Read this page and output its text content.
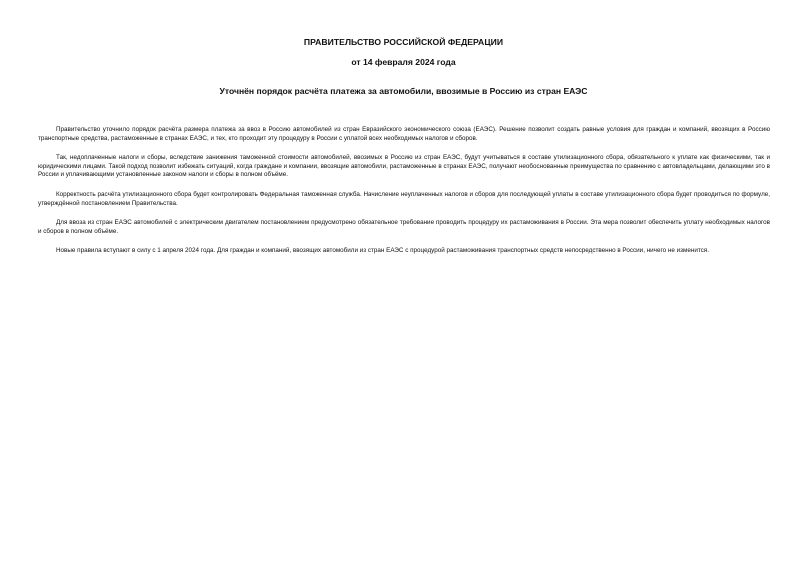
ПРАВИТЕЛЬСТВО РОССИЙСКОЙ ФЕДЕРАЦИИ
от 14 февраля 2024 года
Уточнён порядок расчёта платежа за автомобили, ввозимые в Россию из стран ЕАЭС

Правительство уточнило порядок расчёта размера платежа за ввоз в Россию автомобилей из стран Евразийского экономического союза (ЕАЭС). Решение позволит создать равные условия для граждан и компаний, ввозящих в Россию транспортные средства, растаможенные в странах ЕАЭС, и тех, кто проходит эту процедуру в России с уплатой всех необходимых налогов и сборов.

Так, недоплаченные налоги и сборы, вследствие занижения таможенной стоимости автомобилей, ввозимых в Россию из стран ЕАЭС, будут учитываться в составе утилизационного сбора, обязательного к уплате как физическими, так и юридическими лицами. Такой подход позволит избежать ситуаций, когда граждане и компании, ввозящие автомобили, растаможенные в странах ЕАЭС, получают необоснованные преимущества по сравнению с автовладельцами, делающими это в России и уплачивающими установленные законом налоги и сборы в полном объёме.

Корректность расчёта утилизационного сбора будет контролировать Федеральная таможенная служба. Начисление неуплаченных налогов и сборов для последующей уплаты в составе утилизационного сбора будет проводиться по формуле, утверждённой постановлением Правительства.

Для ввоза из стран ЕАЭС автомобилей с электрическим двигателем постановлением предусмотрено обязательное требование проводить процедуру их растаможивания в России. Эта мера позволит обеспечить уплату необходимых налогов и сборов в полном объёме.

Новые правила вступают в силу с 1 апреля 2024 года. Для граждан и компаний, ввозящих автомобили из стран ЕАЭС с процедурой растаможивания транспортных средств непосредственно в России, ничего не изменится.
